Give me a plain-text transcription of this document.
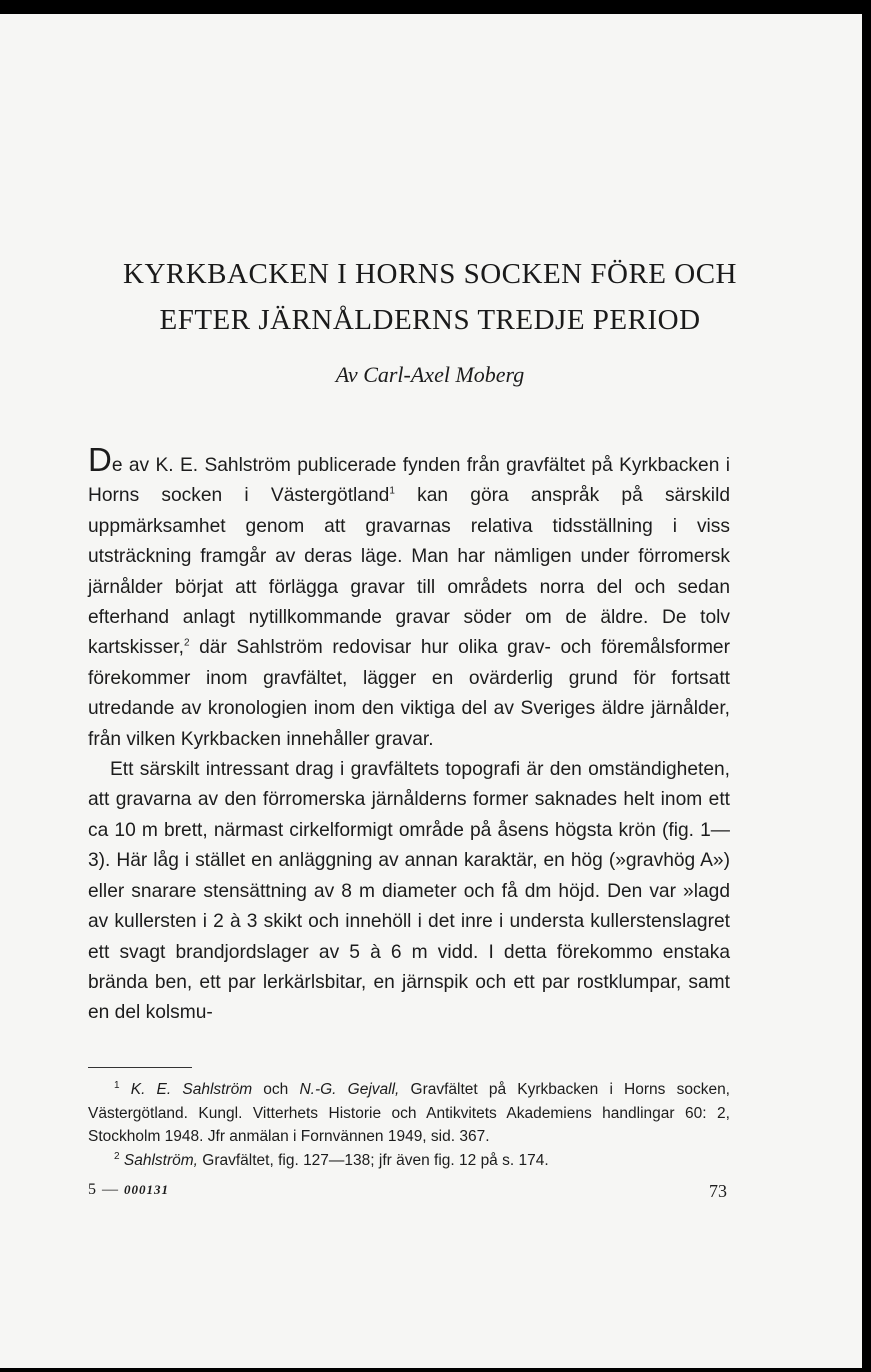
KYRKBACKEN I HORNS SOCKEN FÖRE OCH
EFTER JÄRNÅLDERNS TREDJE PERIOD
Av Carl-Axel Moberg

De av K. E. Sahlström publicerade fynden från gravfältet på Kyrkbacken i Horns socken i Västergötland$^1$ kan göra anspråk på särskild uppmärksamhet genom att gravarnas relativa tidsställning i viss utsträckning framgår av deras läge. Man har nämligen under förromersk järnålder börjat att förlägga gravar till områdets norra del och sedan efterhand anlagt nytillkommande gravar söder om de äldre. De tolv kartskisser,$^2$ där Sahlström redovisar hur olika grav- och föremålsformer förekommer inom gravfältet, lägger en ovärderlig grund för fortsatt utredande av kronologien inom den viktiga del av Sveriges äldre järnålder, från vilken Kyrkbacken innehåller gravar.

Ett särskilt intressant drag i gravfältets topografi är den omständigheten, att gravarna av den förromerska järnålderns former saknades helt inom ett ca 10 m brett, närmast cirkelformigt område på åsens högsta krön (fig. 1—3). Här låg i stället en anläggning av annan karaktär, en hög (»gravhög A») eller snarare stensättning av 8 m diameter och få dm höjd. Den var »lagd av kullersten i 2 à 3 skikt och innehöll i det inre i understa kullerstenslagret ett svagt brandjordslager av 5 à 6 m vidd. I detta förekommo enstaka brända ben, ett par lerkärlsbitar, en järnspik och ett par rostklumpar, samt en del kolsmu-

$^1$ K. E. Sahlström och N.-G. Gejvall, Gravfältet på Kyrkbacken i Horns socken, Västergötland. Kungl. Vitterhets Historie och Antikvitets Akademiens handlingar 60: 2, Stockholm 1948. Jfr anmälan i Fornvännen 1949, sid. 367.

$^2$ Sahlström, Gravfältet, fig. 127—138; jfr även fig. 12 på s. 174.

5 — 000131	73
